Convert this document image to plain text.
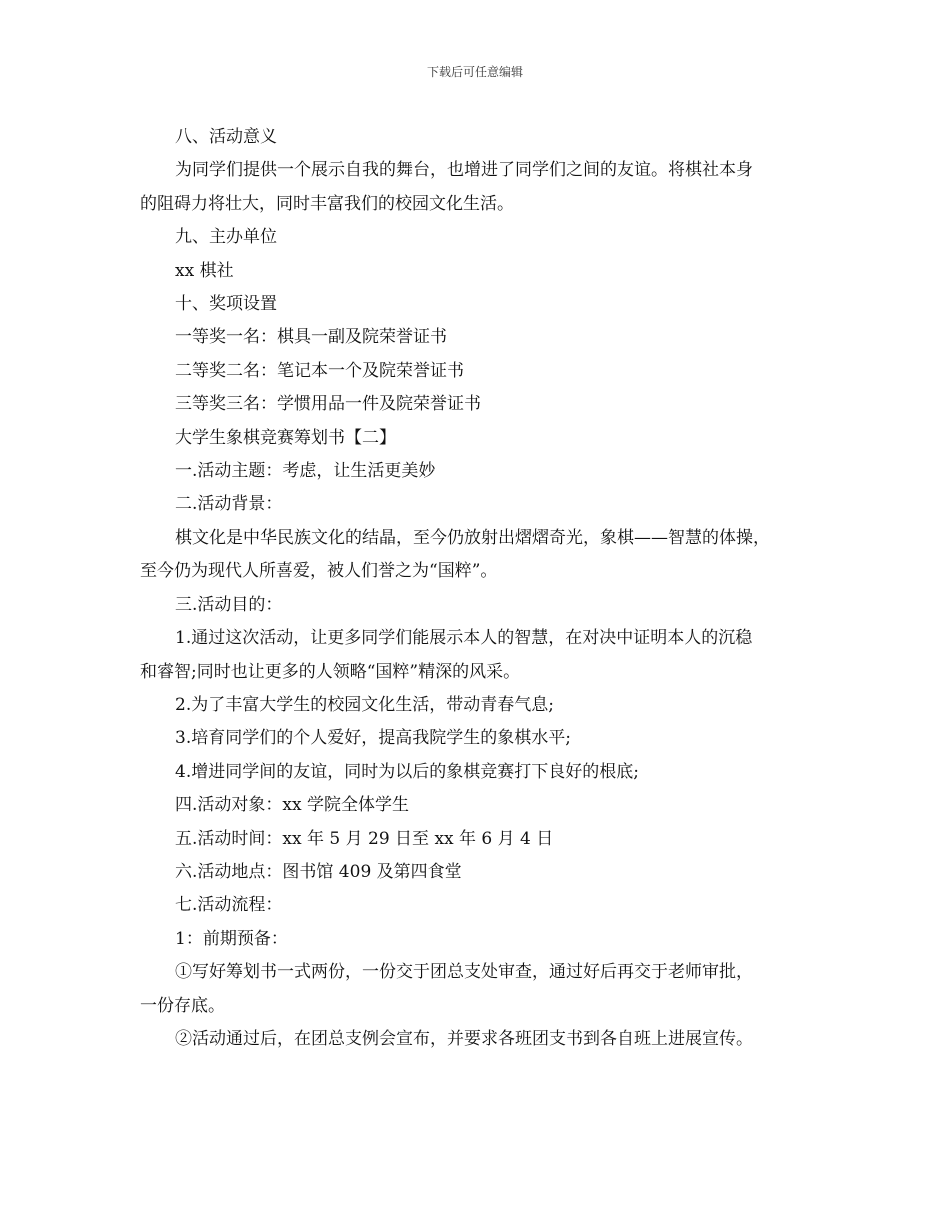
下载后可任意编辑
八、活动意义
为同学们提供一个展示自我的舞台，也增进了同学们之间的友谊。将棋社本身
的阻碍力将壮大，同时丰富我们的校园文化生活。
九、主办单位
xx 棋社
十、奖项设置
一等奖一名：棋具一副及院荣誉证书
二等奖二名：笔记本一个及院荣誉证书
三等奖三名：学惯用品一件及院荣誉证书
大学生象棋竞赛筹划书【二】
一.活动主题：考虑，让生活更美妙
二.活动背景：
棋文化是中华民族文化的结晶，至今仍放射出熠熠奇光，象棋——智慧的体操，
至今仍为现代人所喜爱，被人们誉之为“国粹”。
三.活动目的：
1.通过这次活动，让更多同学们能展示本人的智慧，在对决中证明本人的沉稳
和睿智;同时也让更多的人领略“国粹”精深的风采。
2.为了丰富大学生的校园文化生活，带动青春气息;
3.培育同学们的个人爱好，提高我院学生的象棋水平;
4.增进同学间的友谊，同时为以后的象棋竞赛打下良好的根底;
四.活动对象：xx 学院全体学生
五.活动时间：xx 年 5 月 29 日至 xx 年 6 月 4 日
六.活动地点：图书馆 409 及第四食堂
七.活动流程：
1：前期预备：
①写好筹划书一式两份，一份交于团总支处审查，通过好后再交于老师审批，
一份存底。
②活动通过后，在团总支例会宣布，并要求各班团支书到各自班上进展宣传。
